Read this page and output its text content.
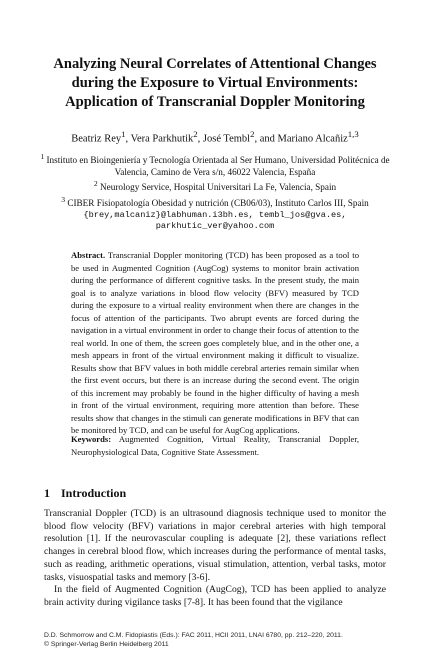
Analyzing Neural Correlates of Attentional Changes
during the Exposure to Virtual Environments:
Application of Transcranial Doppler Monitoring
Beatriz Rey$^1$, Vera Parkhutik$^2$, José Tembl$^2$, and Mariano Alcañiz$^{1,3}$
$^1$ Instituto en Bioingeniería y Tecnología Orientada al Ser Humano, Universidad Politécnica de
Valencia, Camino de Vera s/n, 46022 Valencia, España
$^2$ Neurology Service, Hospital Universitari La Fe, Valencia, Spain
$^3$ CIBER Fisiopatología Obesidad y nutrición (CB06/03), Instituto Carlos III, Spain
{brey,malcaniz}@labhuman.i3bh.es, tembl_jos@gva.es,
parkhutic_ver@yahoo.com
Abstract. Transcranial Doppler monitoring (TCD) has been proposed as a tool to be used in Augmented Cognition (AugCog) systems to monitor brain activation during the performance of different cognitive tasks. In the present study, the main goal is to analyze variations in blood flow velocity (BFV) measured by TCD during the exposure to a virtual reality environment when there are changes in the focus of attention of the participants. Two abrupt events are forced during the navigation in a virtual environment in order to change their focus of attention to the real world. In one of them, the screen goes completely blue, and in the other one, a mesh appears in front of the virtual environment making it difficult to visualize. Results show that BFV values in both middle cerebral arteries remain similar when the first event occurs, but there is an increase during the second event. The origin of this increment may probably be found in the higher difficulty of having a mesh in front of the virtual environment, requiring more attention than before. These results show that changes in the stimuli can generate modifications in BFV that can be monitored by TCD, and can be useful for AugCog applications.
Keywords: Augmented Cognition, Virtual Reality, Transcranial Doppler, Neurophysiological Data, Cognitive State Assessment.
1 Introduction

Transcranial Doppler (TCD) is an ultrasound diagnosis technique used to monitor the blood flow velocity (BFV) variations in major cerebral arteries with high temporal resolution [1]. If the neurovascular coupling is adequate [2], these variations reflect changes in cerebral blood flow, which increases during the performance of mental tasks, such as reading, arithmetic operations, visual stimulation, attention, verbal tasks, motor tasks, visuospatial tasks and memory [3-6].

In the field of Augmented Cognition (AugCog), TCD has been applied to analyze brain activity during vigilance tasks [7-8]. It has been found that the vigilance

D.D. Schmorrow and C.M. Fidopiastis (Eds.): FAC 2011, HCII 2011, LNAI 6780, pp. 212–220, 2011.
© Springer-Verlag Berlin Heidelberg 2011
